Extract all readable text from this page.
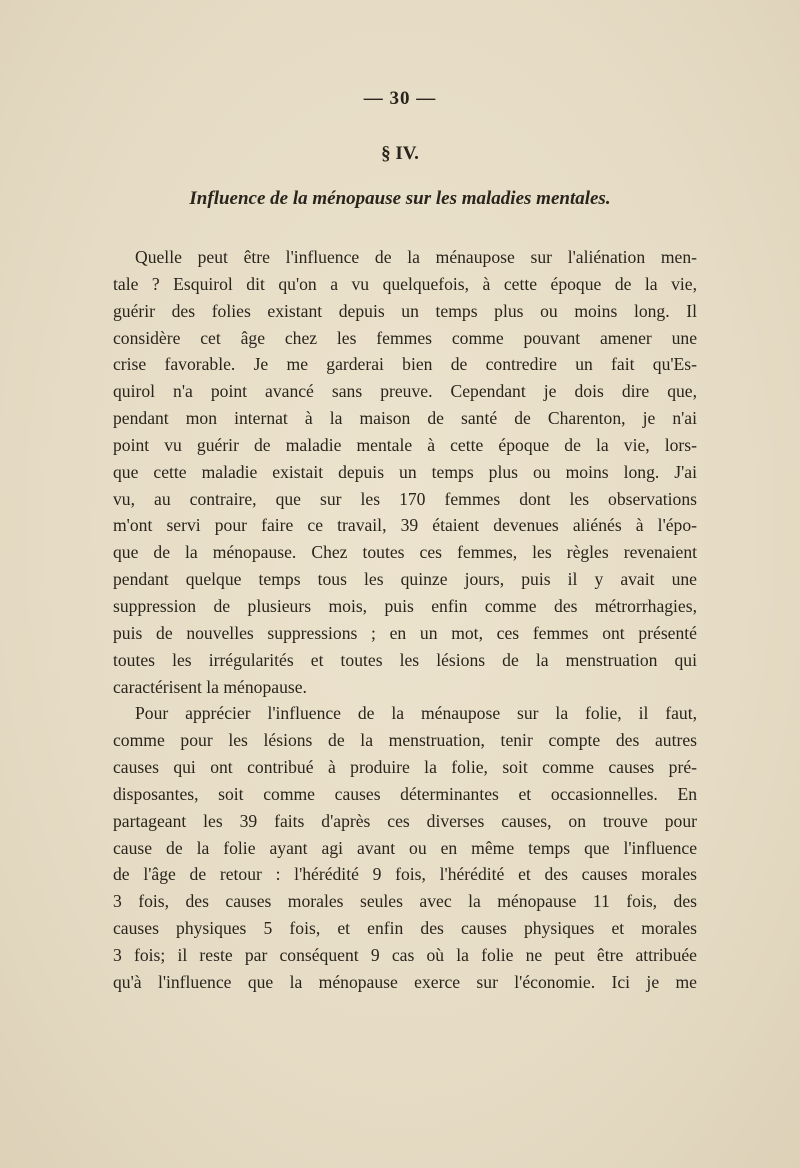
— 30 —
§ IV.
Influence de la ménopause sur les maladies mentales.
Quelle peut être l'influence de la ménaupose sur l'aliénation men-
tale ? Esquirol dit qu'on a vu quelquefois, à cette époque de la vie,
guérir des folies existant depuis un temps plus ou moins long. Il
considère cet âge chez les femmes comme pouvant amener une
crise favorable. Je me garderai bien de contredire un fait qu'Es-
quirol n'a point avancé sans preuve. Cependant je dois dire que,
pendant mon internat à la maison de santé de Charenton, je n'ai
point vu guérir de maladie mentale à cette époque de la vie, lors-
que cette maladie existait depuis un temps plus ou moins long. J'ai
vu, au contraire, que sur les 170 femmes dont les observations
m'ont servi pour faire ce travail, 39 étaient devenues aliénés à l'épo-
que de la ménopause. Chez toutes ces femmes, les règles revenaient
pendant quelque temps tous les quinze jours, puis il y avait une
suppression de plusieurs mois, puis enfin comme des métrorrhagies,
puis de nouvelles suppressions ; en un mot, ces femmes ont présenté
toutes les irrégularités et toutes les lésions de la menstruation qui
caractérisent la ménopause.
Pour apprécier l'influence de la ménaupose sur la folie, il faut,
comme pour les lésions de la menstruation, tenir compte des autres
causes qui ont contribué à produire la folie, soit comme causes pré-
disposantes, soit comme causes déterminantes et occasionnelles. En
partageant les 39 faits d'après ces diverses causes, on trouve pour
cause de la folie ayant agi avant ou en même temps que l'influence
de l'âge de retour : l'hérédité 9 fois, l'hérédité et des causes morales
3 fois, des causes morales seules avec la ménopause 11 fois, des
causes physiques 5 fois, et enfin des causes physiques et morales
3 fois; il reste par conséquent 9 cas où la folie ne peut être attribuée
qu'à l'influence que la ménopause exerce sur l'économie. Ici je me
